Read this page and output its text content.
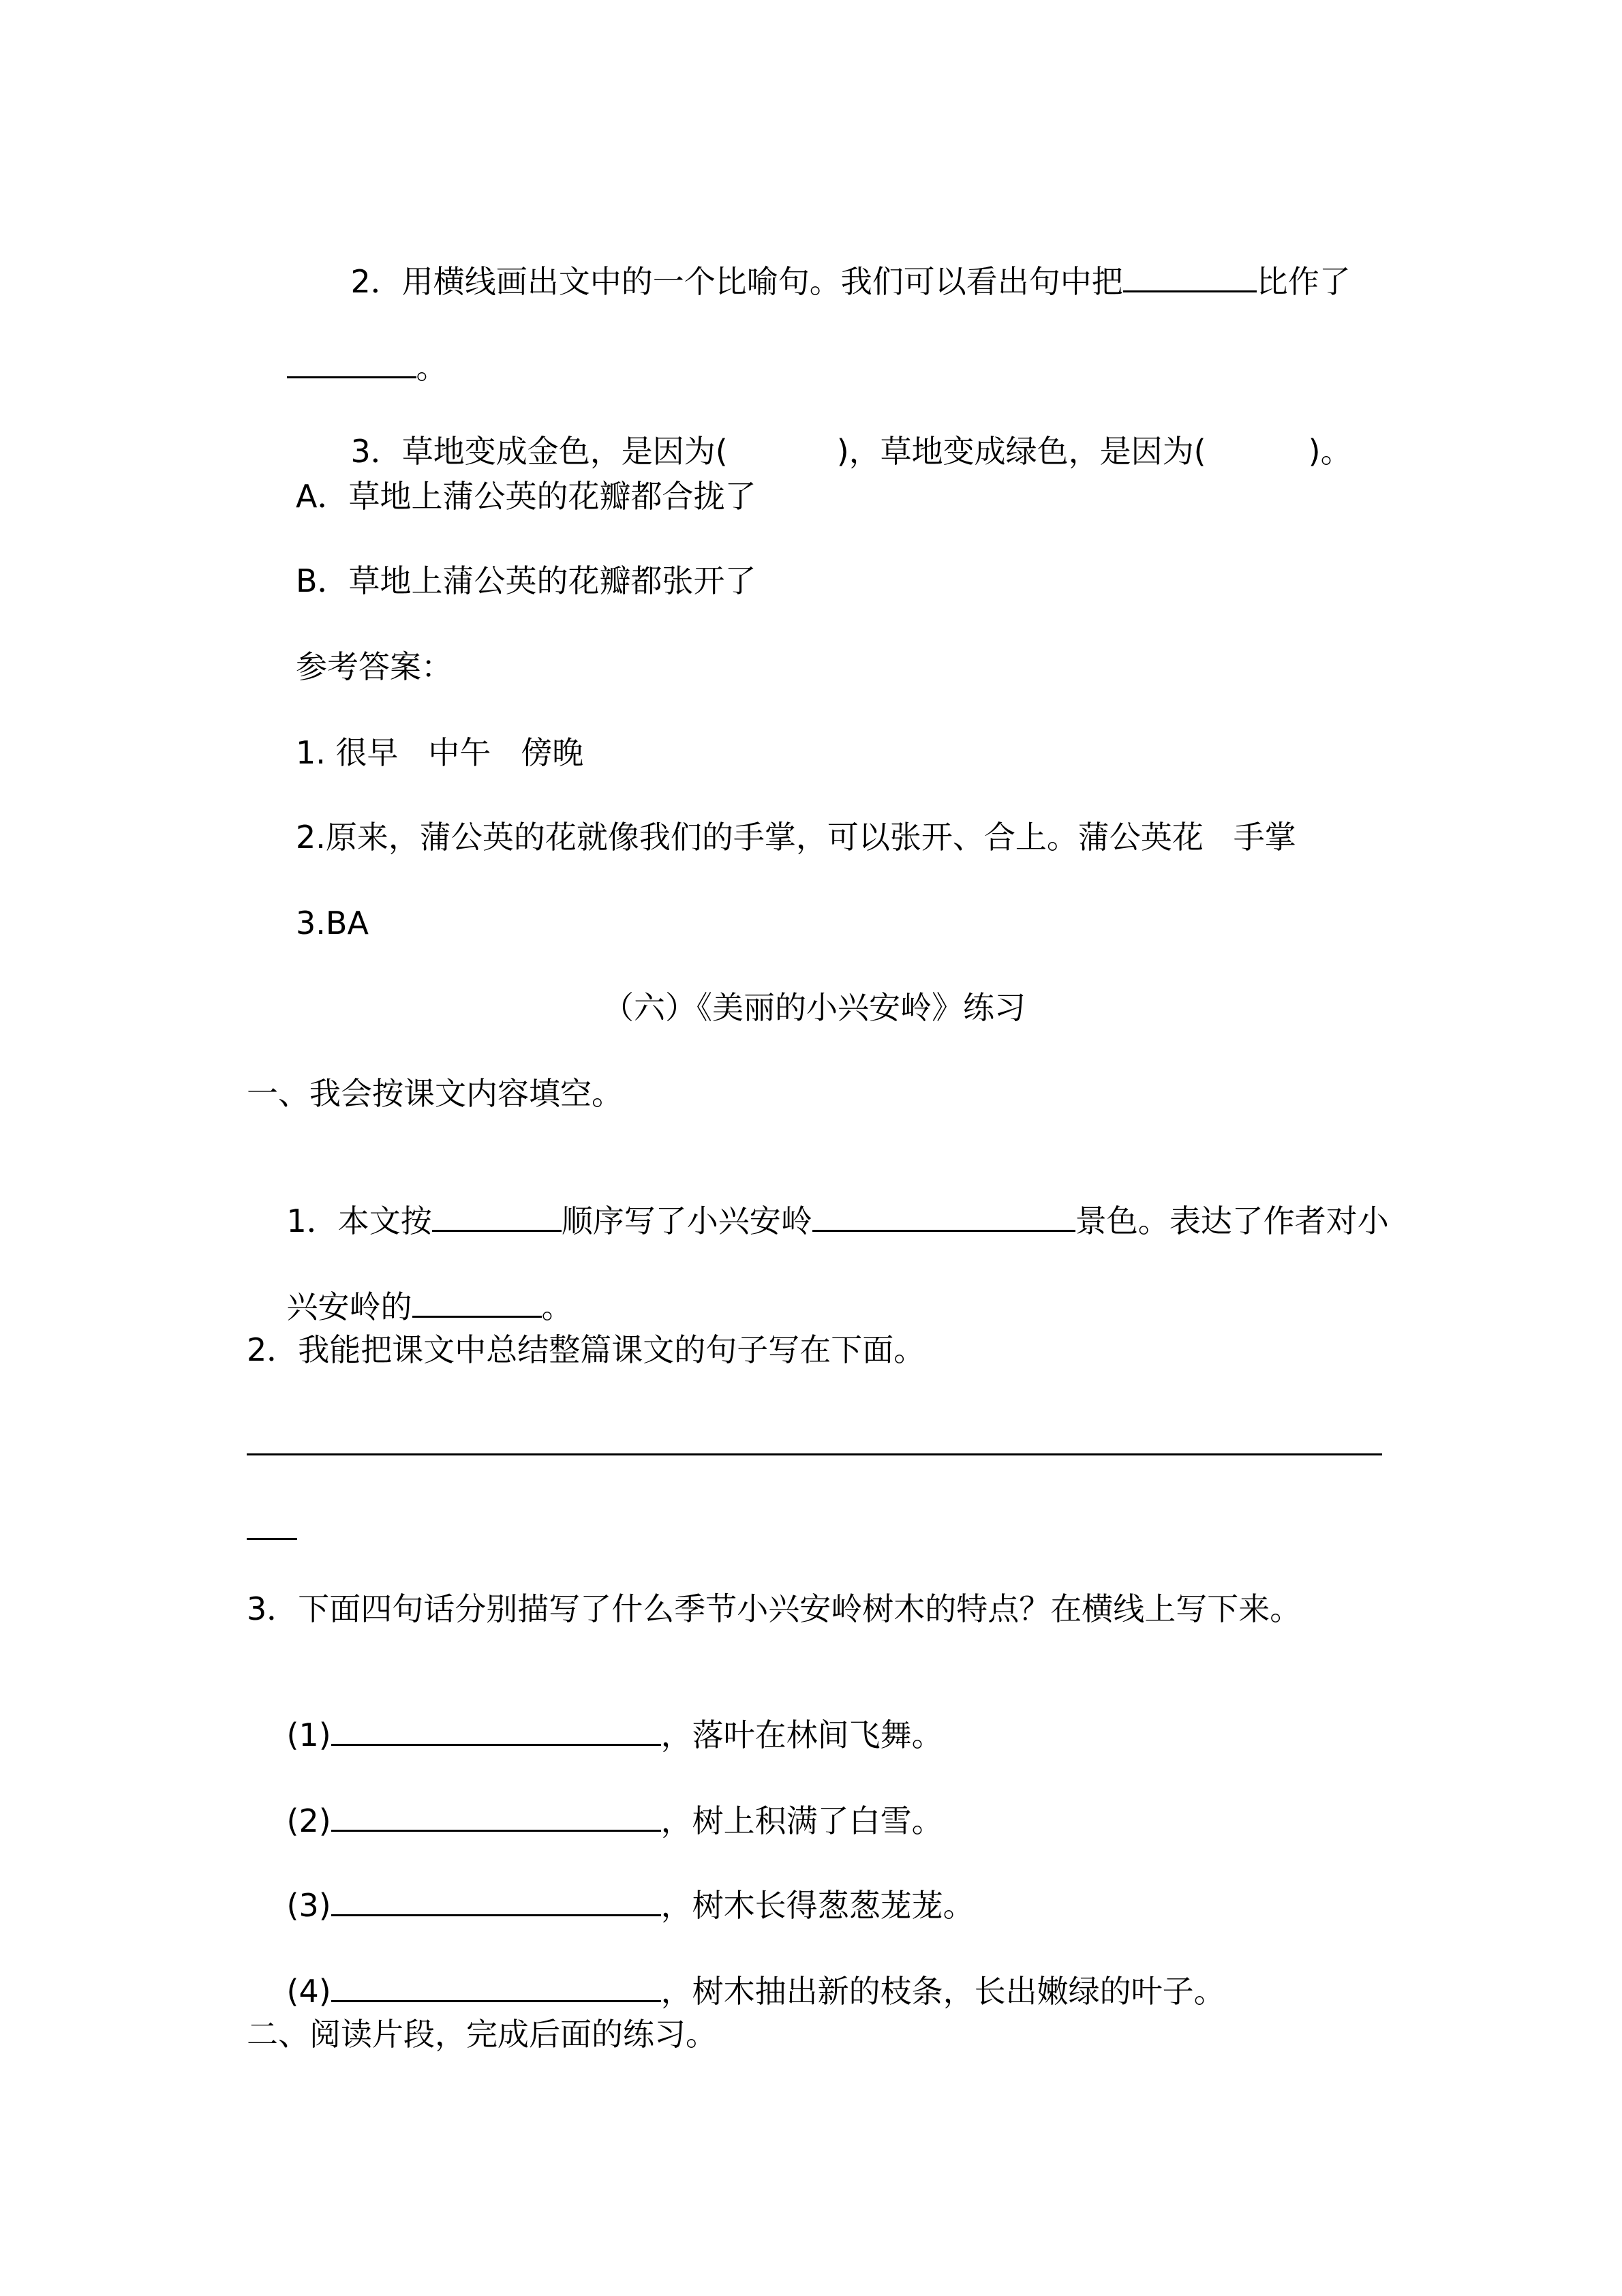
2．用横线画出文中的一个比喻句。我们可以看出句中把	比作了

。

3．草地变成金色，是因为(	)，草地变成绿色，是因为(	)。

A．草地上蒲公英的花瓣都合拢了
B．草地上蒲公英的花瓣都张开了
参考答案：
1. 很早   中午   傍晚
2.原来，蒲公英的花就像我们的手掌，可以张开、合上。蒲公英花   手掌
3.BA
（六）《美丽的小兴安岭》练习
一、我会按课文内容填空。

1．本文按	顺序写了小兴安岭	景色。表达了作者对小

兴安岭的	。

2．我能把课文中总结整篇课文的句子写在下面。
3．下面四句话分别描写了什么季节小兴安岭树木的特点？在横线上写下来。

(1)	，落叶在林间飞舞。

(2)	，树上积满了白雪。

(3)	，树木长得葱葱茏茏。

(4)	，树木抽出新的枝条，长出嫩绿的叶子。

二、阅读片段，完成后面的练习。
